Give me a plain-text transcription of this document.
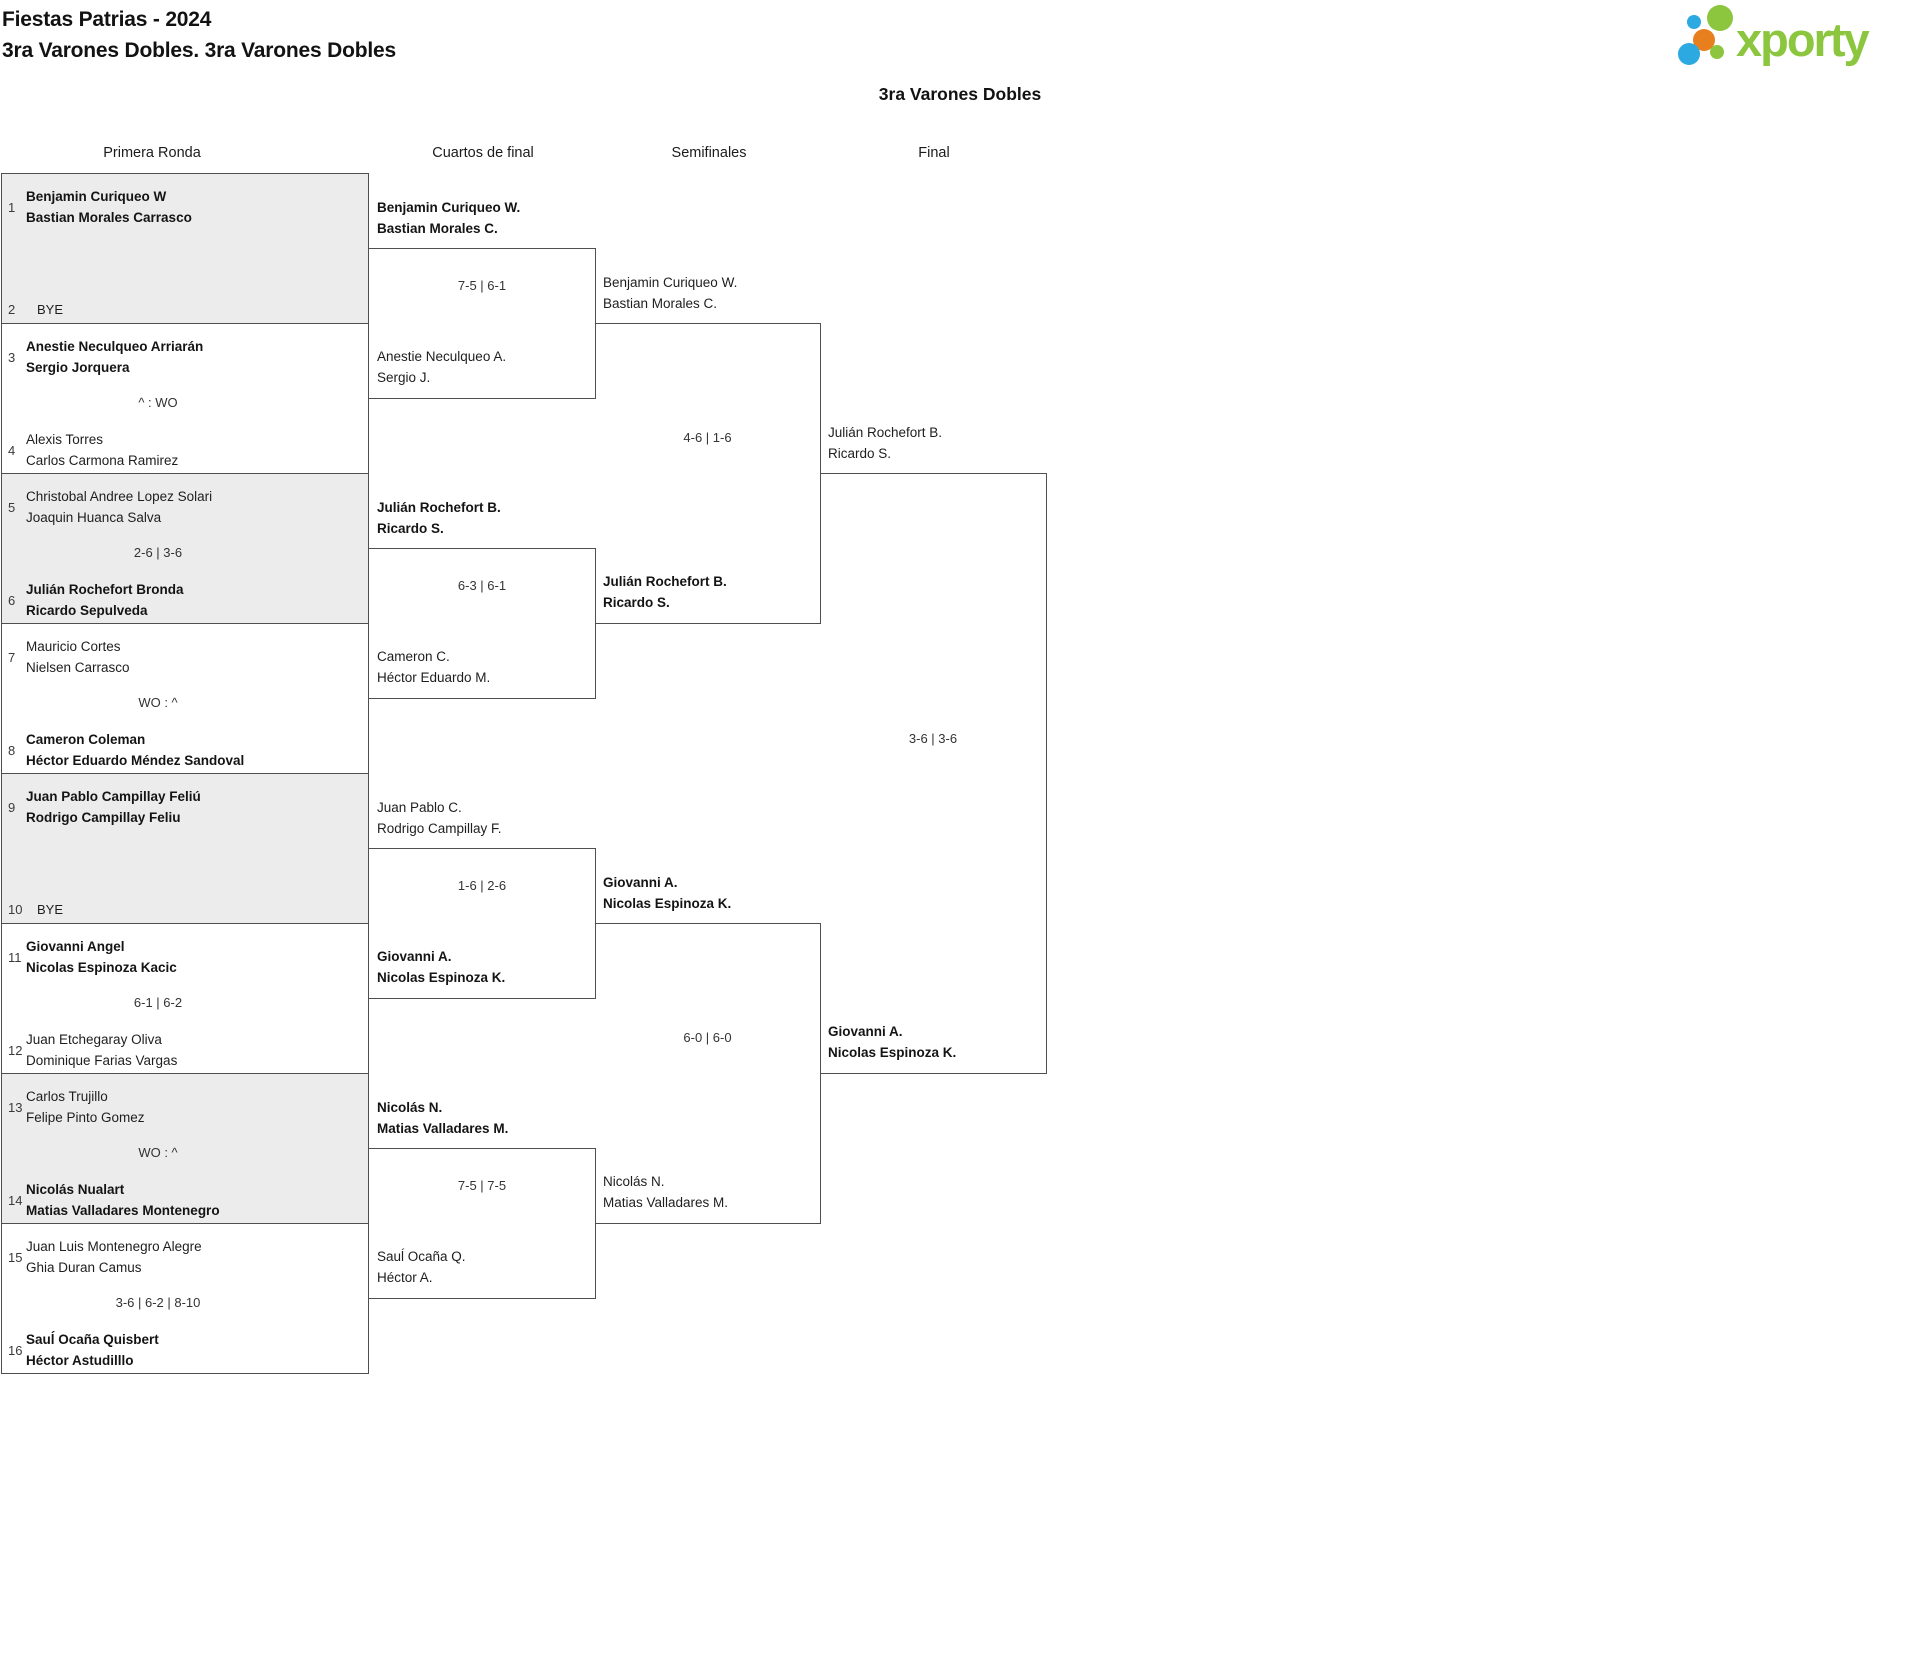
Fiestas Patrias - 2024
3ra Varones Dobles. 3ra Varones Dobles	xporty
3ra Varones Dobles
Primera Ronda	Cuartos de final	Semifinales	Final
1
Benjamin Curiqueo W
Bastian Morales Carrasco
2	BYE
3
Anestie Neculqueo Arriarán
Sergio Jorquera
^ : WO
4
Alexis Torres
Carlos Carmona Ramirez
5
Christobal Andree Lopez Solari
Joaquin Huanca Salva
2-6 | 3-6
6
Julián Rochefort Bronda
Ricardo Sepulveda
7
Mauricio Cortes
Nielsen Carrasco
WO : ^
8
Cameron Coleman
Héctor Eduardo Méndez Sandoval
9
Juan Pablo Campillay Feliú
Rodrigo Campillay Feliu
10	BYE
11
Giovanni Angel
Nicolas Espinoza Kacic
6-1 | 6-2
12
Juan Etchegaray Oliva
Dominique Farias Vargas
13
Carlos Trujillo
Felipe Pinto Gomez
WO : ^
14
Nicolás Nualart
Matias Valladares Montenegro
15
Juan Luis Montenegro Alegre
Ghia Duran Camus
3-6 | 6-2 | 8-10
16
Sauĺ Ocaña Quisbert
Héctor Astudilllo
Benjamin Curiqueo W.
Bastian Morales C.
7-5 | 6-1
Anestie Neculqueo A.
Sergio J.
Julián Rochefort B.
Ricardo S.
6-3 | 6-1
Cameron C.
Héctor Eduardo M.
Juan Pablo C.
Rodrigo Campillay F.
1-6 | 2-6
Giovanni A.
Nicolas Espinoza K.
Nicolás N.
Matias Valladares M.
7-5 | 7-5
Sauĺ Ocaña Q.
Héctor A.
Benjamin Curiqueo W.
Bastian Morales C.
4-6 | 1-6
Julián Rochefort B.
Ricardo S.
Giovanni A.
Nicolas Espinoza K.
6-0 | 6-0
Nicolás N.
Matias Valladares M.
Julián Rochefort B.
Ricardo S.
3-6 | 3-6
Giovanni A.
Nicolas Espinoza K.
